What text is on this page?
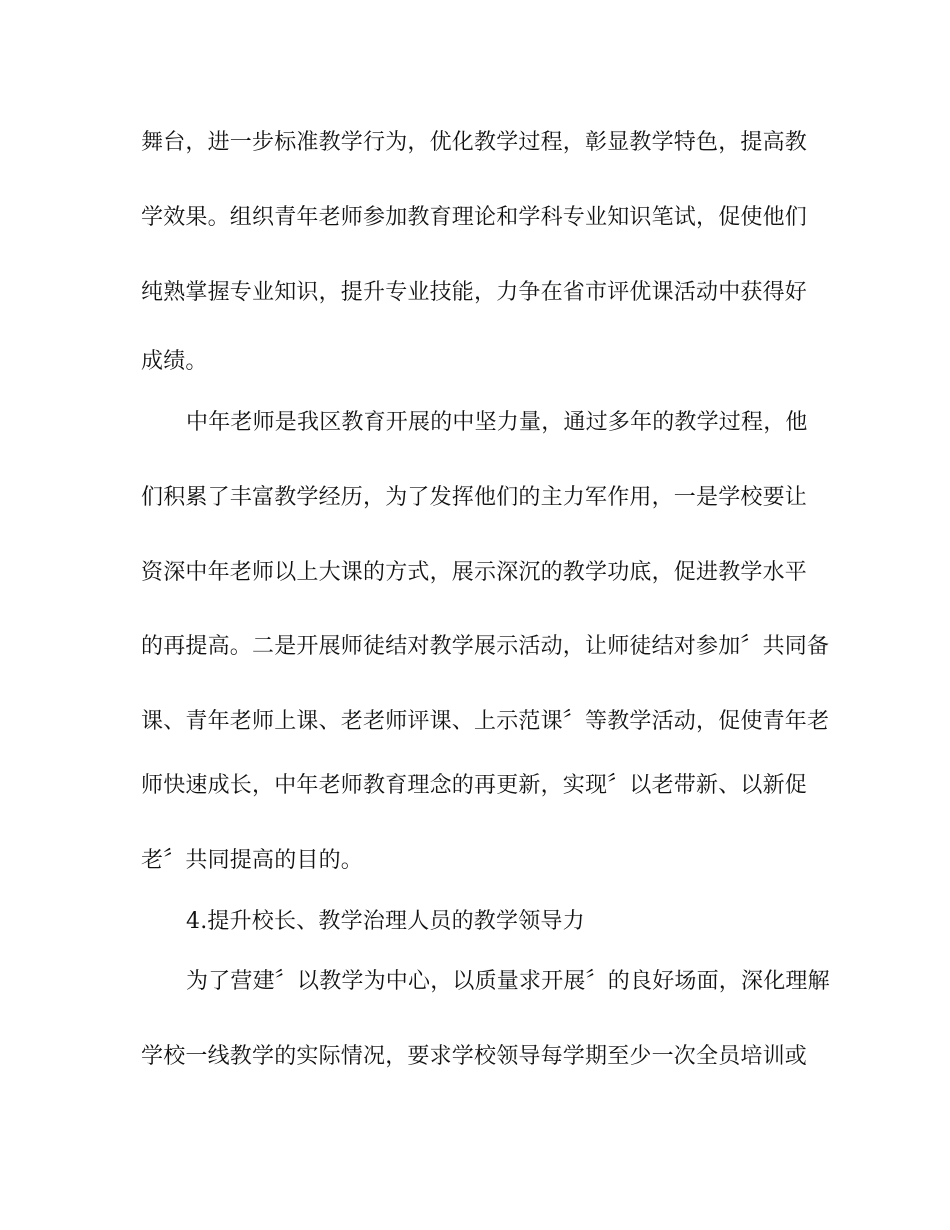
舞台，进一步标准教学行为，优化教学过程，彰显教学特色，提高教
学效果。组织青年老师参加教育理论和学科专业知识笔试，促使他们
纯熟掌握专业知识，提升专业技能，力争在省市评优课活动中获得好
成绩。
中年老师是我区教育开展的中坚力量，通过多年的教学过程，他
们积累了丰富教学经历，为了发挥他们的主力军作用，一是学校要让
资深中年老师以上大课的方式，展示深沉的教学功底，促进教学水平
的再提高。二是开展师徒结对教学展示活动，让师徒结对参加〞共同备
课、青年老师上课、老老师评课、上示范课〞等教学活动，促使青年老
师快速成长，中年老师教育理念的再更新，实现〞以老带新、以新促
老〞共同提高的目的。
4.提升校长、教学治理人员的教学领导力
为了营建〞以教学为中心，以质量求开展〞的良好场面，深化理解
学校一线教学的实际情况，要求学校领导每学期至少一次全员培训或
